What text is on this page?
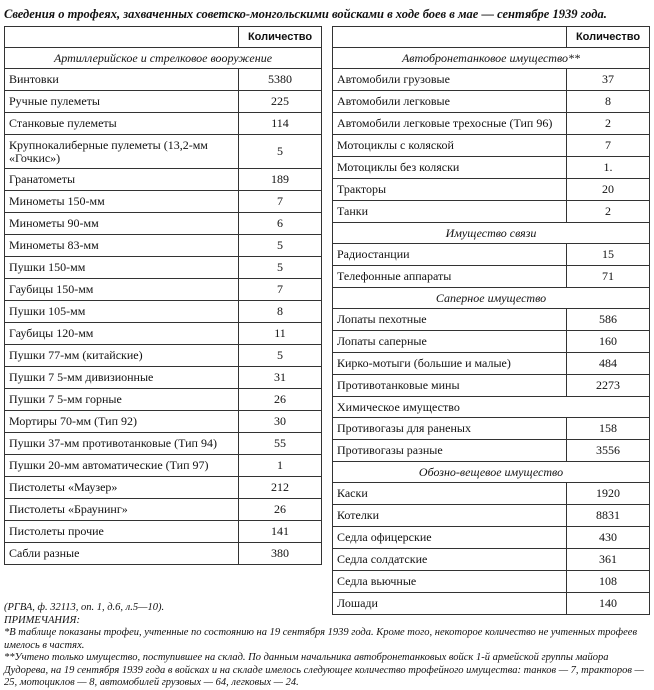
Сведения о трофеях, захваченных советско-монгольскими войсками в ходе боев в мае — сентябре 1939 года.
	Количество
Артиллерийское и стрелковое вооружение	
Винтовки	5380
Ручные пулеметы	225
Станковые пулеметы	114
Крупнокалиберные пулеметы (13,2-мм «Гочкис»)	5
Гранатометы	189
Минометы 150-мм	7
Минометы 90-мм	6
Минометы 83-мм	5
Пушки 150-мм	5
Гаубицы 150-мм	7
Пушки 105-мм	8
Гаубицы 120-мм	11
Пушки 77-мм (китайские)	5
Пушки 7 5-мм дивизионные	31
Пушки 7 5-мм горные	26
Мортиры 70-мм (Тип 92)	30
Пушки 37-мм противотанковые (Тип 94)	55
Пушки 20-мм автоматические (Тип 97)	1
Пистолеты «Маузер»	212
Пистолеты «Браунинг»	26
Пистолеты прочие	141
Сабли разные	380
	Количество
Автобронетанковое имущество**	
Автомобили грузовые	37
Автомобили легковые	8
Автомобили легковые трехосные (Тип 96)	2
Мотоциклы с коляской	7
Мотоциклы без коляски	1.
Тракторы	20
Танки	2
Имущество связи	
Радиостанции	15
Телефонные аппараты	71
Саперное имущество	
Лопаты пехотные	586
Лопаты саперные	160
Кирко-мотыги (большие и малые)	484
Противотанковые мины	2273
Химическое имущество	
Противогазы для раненых	158
Противогазы разные	3556
Обозно-вещевое имущество	
Каски	1920
Котелки	8831
Седла офицерские	430
Седла солдатские	361
Седла вьючные	108
Лошади	140
(РГВА, ф. 32113, оп. 1, д.6, л.5—10).
ПРИМЕЧАНИЯ:
*В таблице показаны трофеи, учтенные по состоянию на 19 сентября 1939 года. Кроме того, некоторое количество не учтенных трофеев имелось в частях.
**Учтено только имущество, поступившее на склад. По данным начальника автобронетанковых войск 1-й армейской группы майора Дудорева, на 19 сентября 1939 года в войсках и на складе имелось следующее количество трофейного имущества: танков — 7, тракторов — 25, мотоциклов — 8, автомобилей грузовых — 64, легковых — 24.
